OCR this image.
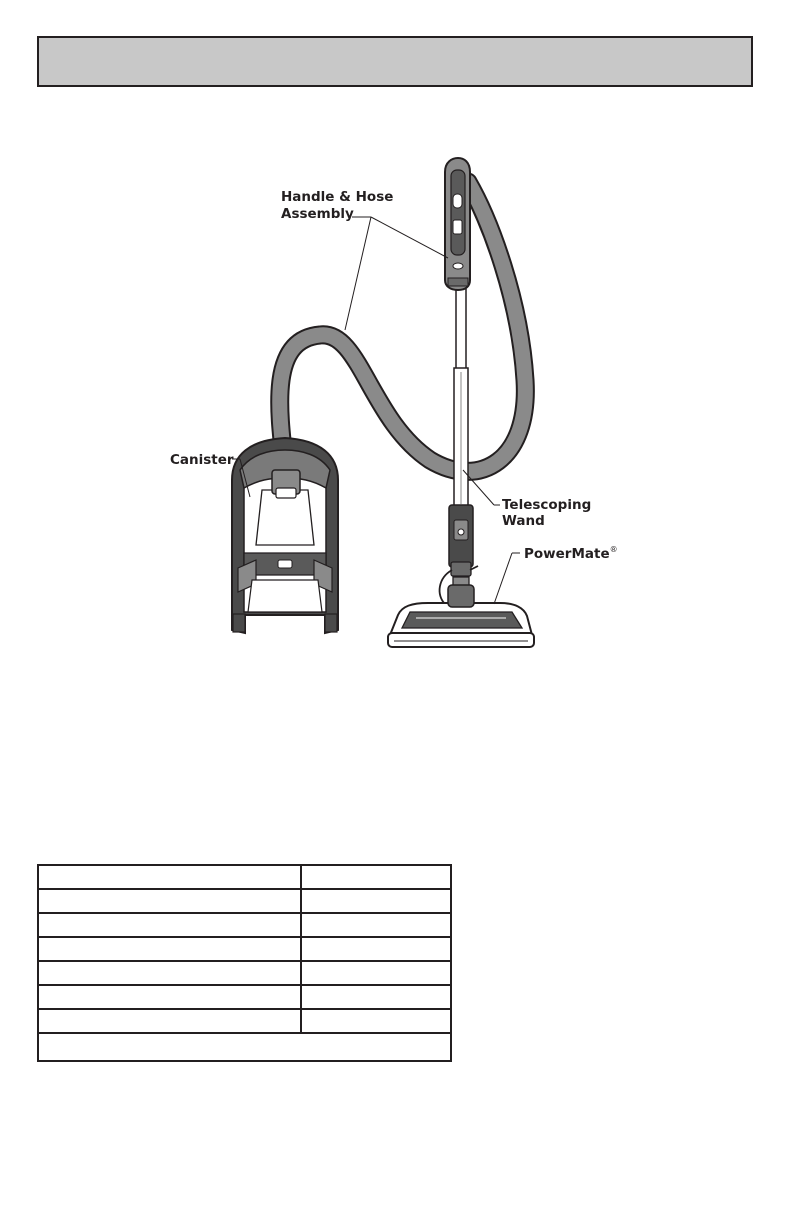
Handle & Hose
Assembly
Canister
Telescoping
Wand
PowerMate®
